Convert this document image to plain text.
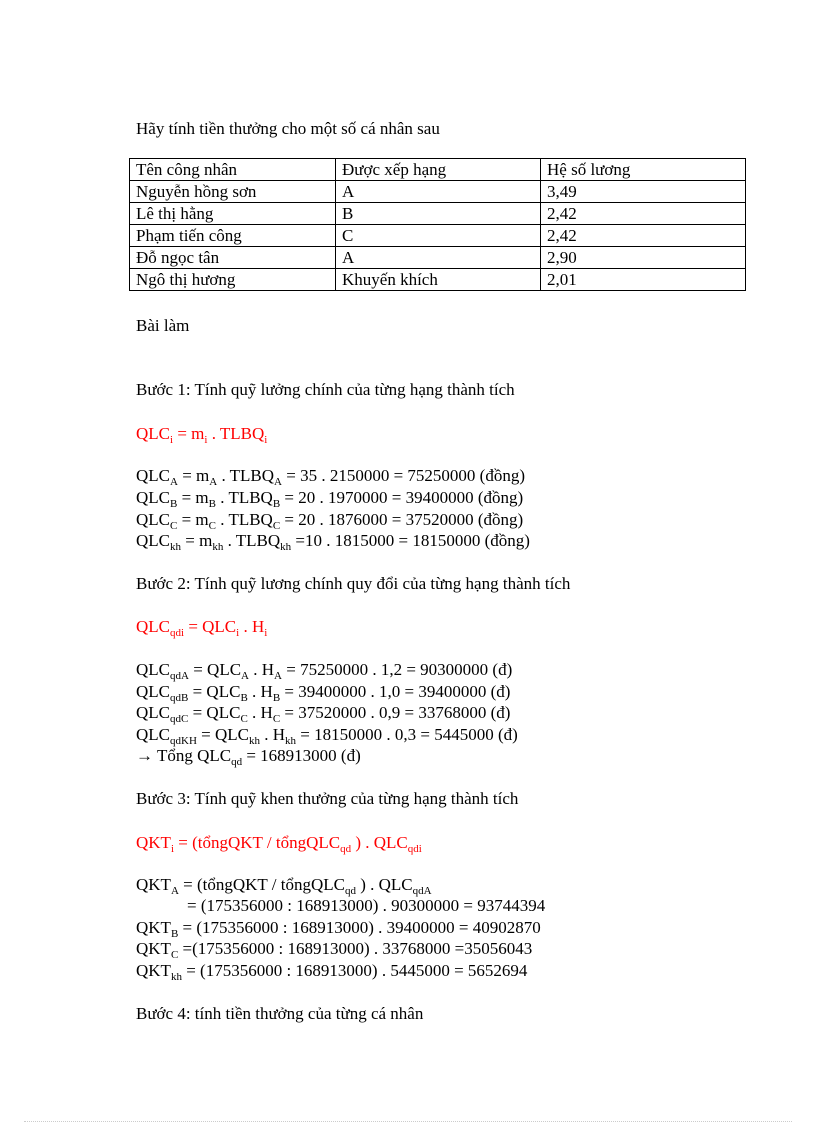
Hãy tính tiền thưởng cho một số cá nhân sau
Tên công nhân	Được xếp hạng	Hệ số lương
Nguyễn hồng sơn	A	3,49
Lê thị hằng	B	2,42
Phạm tiến công	C	2,42
Đỗ ngọc tân	A	2,90
Ngô thị hương	Khuyến khích	2,01
Bài làm
Bước 1: Tính quỹ lưởng chính của từng hạng thành tích
$QLC_i = m_i$ . $TLBQ_i$
$QLC_A = m_A$ . $TLBQ_A = 35$ . 2150000 = 75250000 (đồng)
$QLC_B = m_B$ . $TLBQ_B = 20$ . 1970000 = 39400000 (đồng)
$QLC_C = m_C$ . $TLBQ_C = 20$ . 1876000 = 37520000 (đồng)
$QLC_{kh} = m_{kh}$ . $TLBQ_{kh} =10$ . 1815000 = 18150000 (đồng)
Bước 2: Tính quỹ lương chính quy đổi của từng hạng thành tích
$QLC_{qdi} = QLC_i$ . $H_i$
$QLC_{qdA} = QLC_A$ . $H_A = 75250000$ . 1,2 = 90300000 (đ)
$QLC_{qdB} = QLC_B$ . $H_B = 39400000$ . 1,0 = 39400000 (đ)
$QLC_{qdC} = QLC_C$ . $H_C = 37520000$ . 0,9 = 33768000 (đ)
$QLC_{qdKH} = QLC_{kh}$ . $H_{kh} = 18150000$ . 0,3 = 5445000 (đ)
→ Tổng $QLC_{qd} = 168913000$ (đ)
Bước 3: Tính quỹ khen thưởng của từng hạng thành tích
$QKT_i$ = (tổngQKT / tổngQLC$_{qd}$ ) . $QLC_{qdi}$
$QKT_A$ = (tổngQKT / tổngQLC$_{qd}$ ) . $QLC_{qdA}$
= (175356000 : 168913000) . 90300000 = 93744394
$QKT_B = (175356000$ : 168913000) . 39400000 = 40902870
$QKT_C =(175356000$ : 168913000) . 33768000 =35056043
$QKT_{kh} = (175356000$ : 168913000) . 5445000 = 5652694
Bước 4: tính tiền thưởng của từng cá nhân
